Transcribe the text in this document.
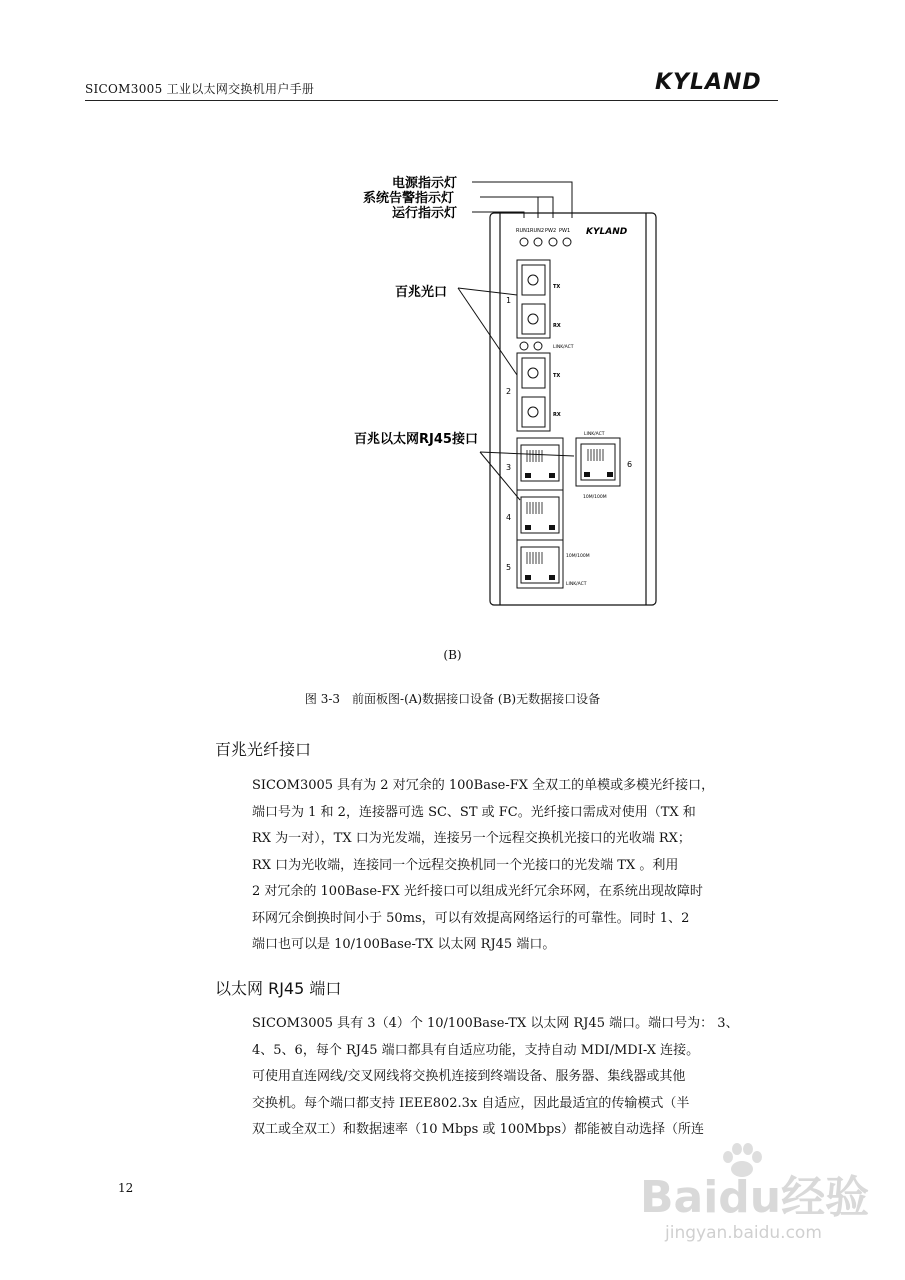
SICOM3005 工业以太网交换机用户手册	KYLAND
电源指示灯
系统告警指示灯
运行指示灯
RUN1 RUN2 PW2 PW1 KYLAND
1
TX
RX
LINK/ACT
2
TX
RX
百兆光口
百兆以太网RJ45接口
3
4
5
10M/100M
LINK/ACT
LINK/ACT
6
10M/100M
(B)
图 3-3　前面板图-(A)数据接口设备 (B)无数据接口设备
百兆光纤接口
SICOM3005 具有为 2 对冗余的 100Base-FX 全双工的单模或多模光纤接口，
端口号为 1 和 2，连接器可选 SC、ST 或 FC。光纤接口需成对使用（TX 和
RX 为一对），TX 口为光发端，连接另一个远程交换机光接口的光收端 RX；
RX 口为光收端，连接同一个远程交换机同一个光接口的光发端 TX 。利用
2 对冗余的 100Base-FX 光纤接口可以组成光纤冗余环网，在系统出现故障时
环网冗余倒换时间小于 50ms，可以有效提高网络运行的可靠性。同时 1、2
端口也可以是 10/100Base-TX 以太网 RJ45 端口。
以太网 RJ45 端口
SICOM3005 具有 3（4）个 10/100Base-TX 以太网 RJ45 端口。端口号为： 3、
4、5、6，每个 RJ45 端口都具有自适应功能，支持自动 MDI/MDI-X 连接。
可使用直连网线/交叉网线将交换机连接到终端设备、服务器、集线器或其他
交换机。每个端口都支持 IEEE802.3x 自适应，因此最适宜的传输模式（半
双工或全双工）和数据速率（10 Mbps 或 100Mbps）都能被自动选择（所连
12	Baidu经验
jingyan.baidu.com
